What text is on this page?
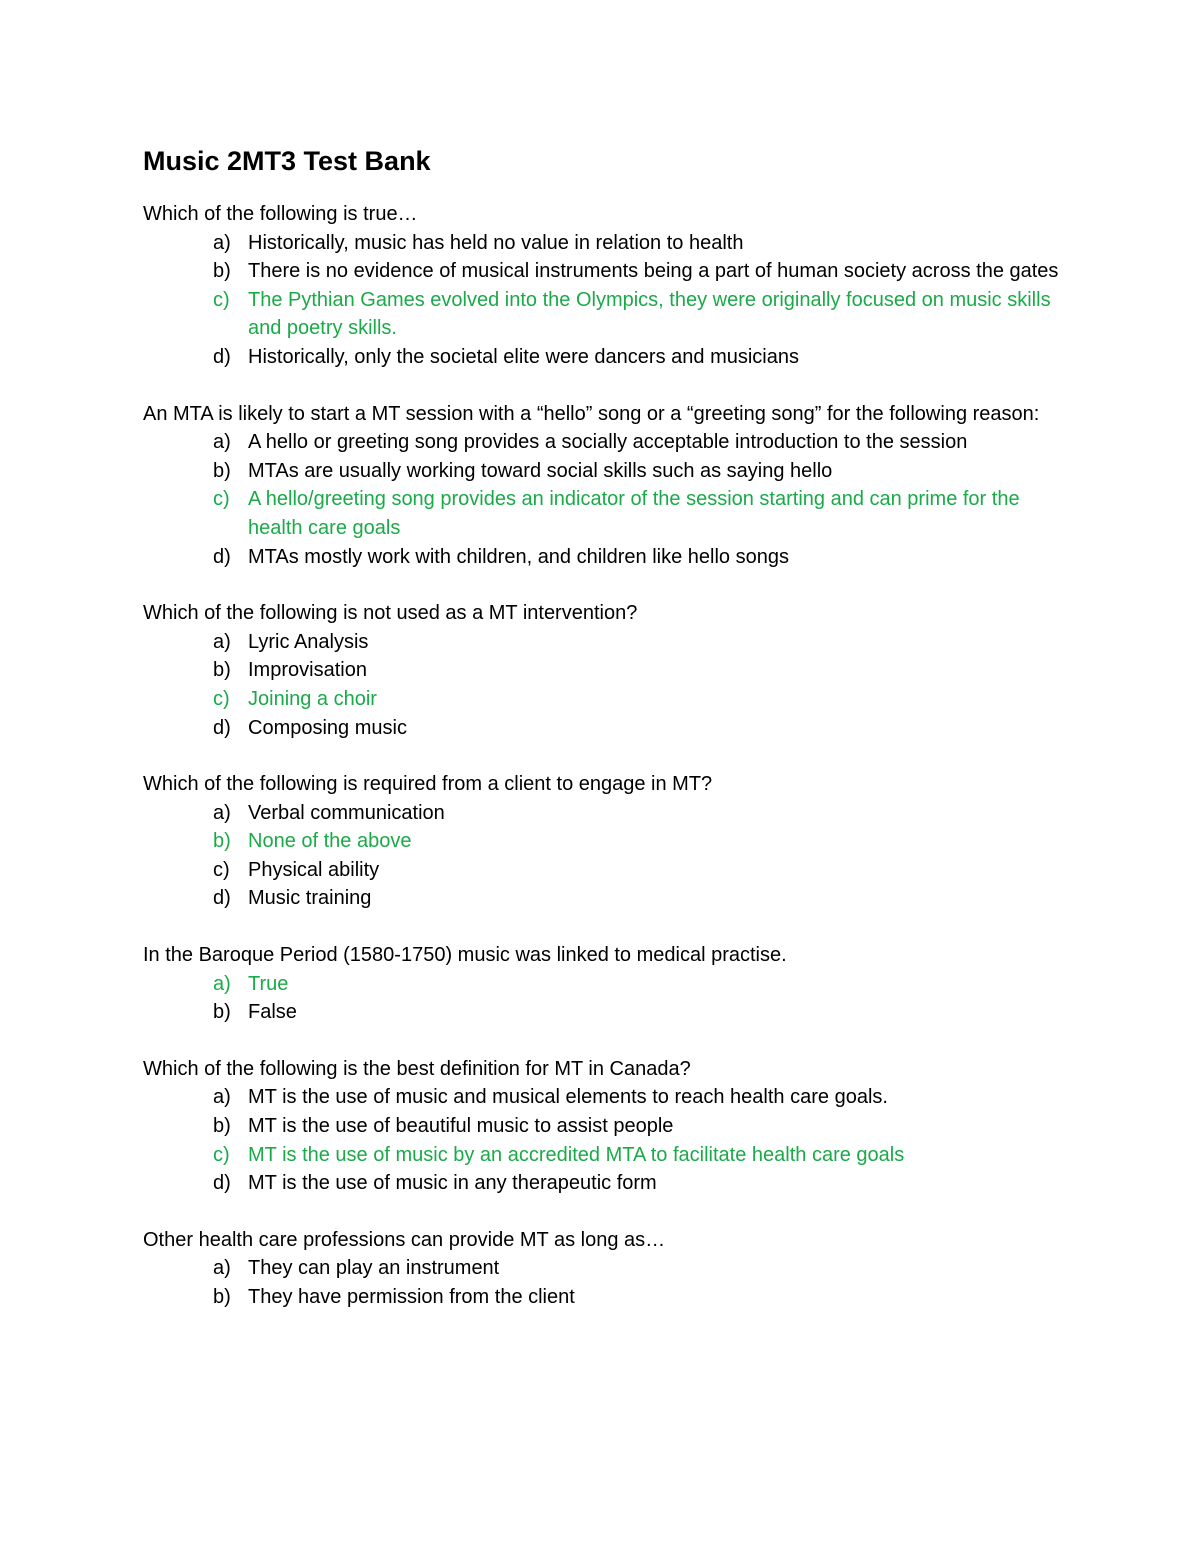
Music 2MT3 Test Bank

Which of the following is true…

a) Historically, music has held no value in relation to health
b) There is no evidence of musical instruments being a part of human society across the gates
c) The Pythian Games evolved into the Olympics, they were originally focused on music skills and poetry skills.
d) Historically, only the societal elite were dancers and musicians

An MTA is likely to start a MT session with a “hello” song or a “greeting song” for the following reason:

a) A hello or greeting song provides a socially acceptable introduction to the session
b) MTAs are usually working toward social skills such as saying hello
c) A hello/greeting song provides an indicator of the session starting and can prime for the health care goals
d) MTAs mostly work with children, and children like hello songs

Which of the following is not used as a MT intervention?

a) Lyric Analysis
b) Improvisation
c) Joining a choir
d) Composing music

Which of the following is required from a client to engage in MT?

a) Verbal communication
b) None of the above
c) Physical ability
d) Music training

In the Baroque Period (1580-1750) music was linked to medical practise.

a) True
b) False

Which of the following is the best definition for MT in Canada?

a) MT is the use of music and musical elements to reach health care goals.
b) MT is the use of beautiful music to assist people
c) MT is the use of music by an accredited MTA to facilitate health care goals
d) MT is the use of music in any therapeutic form

Other health care professions can provide MT as long as…

a) They can play an instrument
b) They have permission from the client
